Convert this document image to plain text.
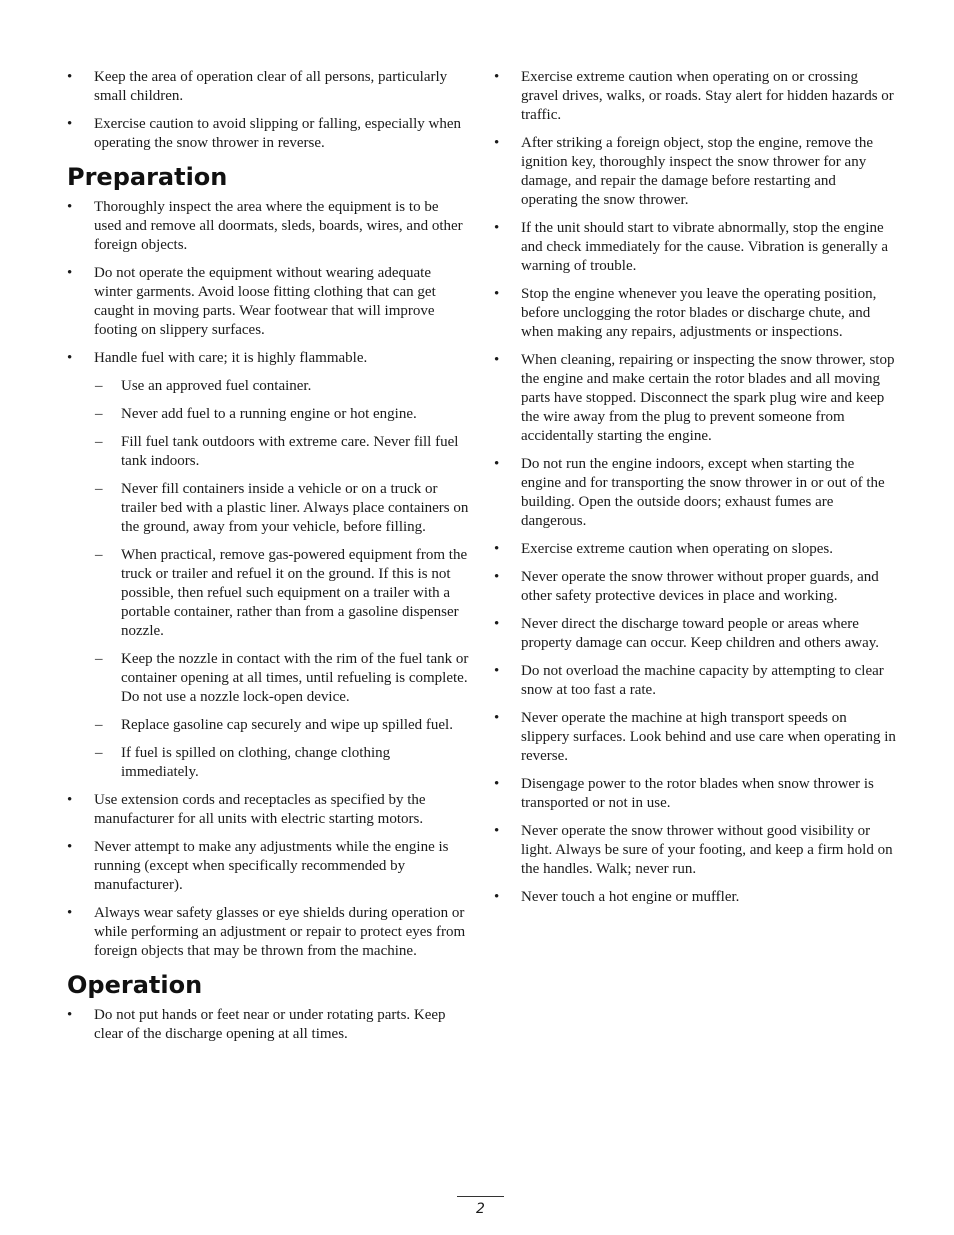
•	Keep the area of operation clear of all persons, particularly small children.
•	Exercise caution to avoid slipping or falling, especially when operating the snow thrower in reverse.
Preparation
•	Thoroughly inspect the area where the equipment is to be used and remove all doormats, sleds, boards, wires, and other foreign objects.
•	Do not operate the equipment without wearing adequate winter garments. Avoid loose fitting clothing that can get caught in moving parts. Wear footwear that will improve footing on slippery surfaces.
•	Handle fuel with care; it is highly flammable.
–	Use an approved fuel container.
–	Never add fuel to a running engine or hot engine.
–	Fill fuel tank outdoors with extreme care. Never fill fuel tank indoors.
–	Never fill containers inside a vehicle or on a truck or trailer bed with a plastic liner. Always place containers on the ground, away from your vehicle, before filling.
–	When practical, remove gas-powered equipment from the truck or trailer and refuel it on the ground. If this is not possible, then refuel such equipment on a trailer with a portable container, rather than from a gasoline dispenser nozzle.
–	Keep the nozzle in contact with the rim of the fuel tank or container opening at all times, until refueling is complete. Do not use a nozzle lock-open device.
–	Replace gasoline cap securely and wipe up spilled fuel.
–	If fuel is spilled on clothing, change clothing immediately.
•	Use extension cords and receptacles as specified by the manufacturer for all units with electric starting motors.
•	Never attempt to make any adjustments while the engine is running (except when specifically recommended by manufacturer).
•	Always wear safety glasses or eye shields during operation or while performing an adjustment or repair to protect eyes from foreign objects that may be thrown from the machine.
Operation
•	Do not put hands or feet near or under rotating parts. Keep clear of the discharge opening at all times.
•	Exercise extreme caution when operating on or crossing gravel drives, walks, or roads. Stay alert for hidden hazards or traffic.
•	After striking a foreign object, stop the engine, remove the ignition key, thoroughly inspect the snow thrower for any damage, and repair the damage before restarting and operating the snow thrower.
•	If the unit should start to vibrate abnormally, stop the engine and check immediately for the cause. Vibration is generally a warning of trouble.
•	Stop the engine whenever you leave the operating position, before unclogging the rotor blades or discharge chute, and when making any repairs, adjustments or inspections.
•	When cleaning, repairing or inspecting the snow thrower, stop the engine and make certain the rotor blades and all moving parts have stopped. Disconnect the spark plug wire and keep the wire away from the plug to prevent someone from accidentally starting the engine.
•	Do not run the engine indoors, except when starting the engine and for transporting the snow thrower in or out of the building. Open the outside doors; exhaust fumes are dangerous.
•	Exercise extreme caution when operating on slopes.
•	Never operate the snow thrower without proper guards, and other safety protective devices in place and working.
•	Never direct the discharge toward people or areas where property damage can occur. Keep children and others away.
•	Do not overload the machine capacity by attempting to clear snow at too fast a rate.
•	Never operate the machine at high transport speeds on slippery surfaces. Look behind and use care when operating in reverse.
•	Disengage power to the rotor blades when snow thrower is transported or not in use.
•	Never operate the snow thrower without good visibility or light. Always be sure of your footing, and keep a firm hold on the handles. Walk; never run.
•	Never touch a hot engine or muffler.
2
